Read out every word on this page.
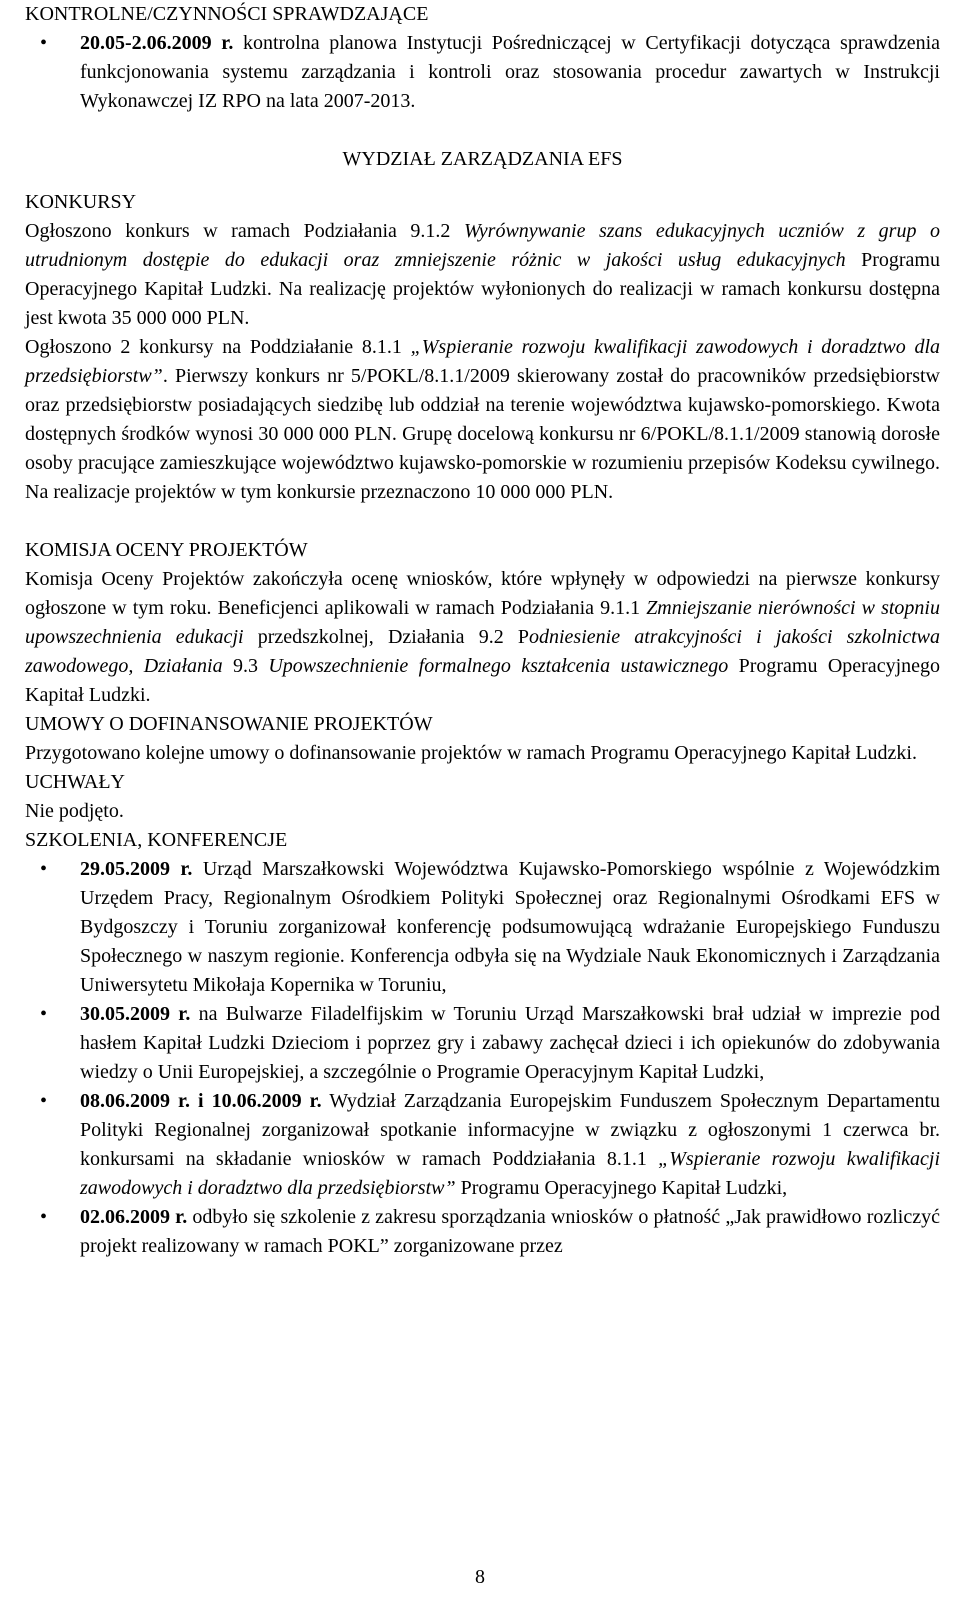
KONTROLNE/CZYNNOŚCI SPRAWDZAJĄCE

• 20.05-2.06.2009 r. kontrolna planowa Instytucji Pośredniczącej w Certyfikacji dotycząca sprawdzenia funkcjonowania systemu zarządzania i kontroli oraz stosowania procedur zawartych w Instrukcji Wykonawczej IZ RPO na lata 2007-2013.

WYDZIAŁ ZARZĄDZANIA EFS

KONKURSY

Ogłoszono konkurs w ramach Podziałania 9.1.2 Wyrównywanie szans edukacyjnych uczniów z grup o utrudnionym dostępie do edukacji oraz zmniejszenie różnic w jakości usług edukacyjnych Programu Operacyjnego Kapitał Ludzki. Na realizację projektów wyłonionych do realizacji w ramach konkursu dostępna jest kwota 35 000 000 PLN.

Ogłoszono 2 konkursy na Poddziałanie 8.1.1 „Wspieranie rozwoju kwalifikacji zawodowych i doradztwo dla przedsiębiorstw”. Pierwszy konkurs nr 5/POKL/8.1.1/2009 skierowany został do pracowników przedsiębiorstw oraz przedsiębiorstw posiadających siedzibę lub oddział na terenie województwa kujawsko-pomorskiego. Kwota dostępnych środków wynosi 30 000 000 PLN. Grupę docelową konkursu nr 6/POKL/8.1.1/2009 stanowią dorosłe osoby pracujące zamieszkujące województwo kujawsko-pomorskie w rozumieniu przepisów Kodeksu cywilnego. Na realizacje projektów w tym konkursie przeznaczono 10 000 000 PLN.

KOMISJA OCENY PROJEKTÓW

Komisja Oceny Projektów zakończyła ocenę wniosków, które wpłynęły w odpowiedzi na pierwsze konkursy ogłoszone w tym roku. Beneficjenci aplikowali w ramach Podziałania 9.1.1 Zmniejszanie nierówności w stopniu upowszechnienia edukacji przedszkolnej, Działania 9.2 Podniesienie atrakcyjności i jakości szkolnictwa zawodowego, Działania 9.3 Upowszechnienie formalnego kształcenia ustawicznego Programu Operacyjnego Kapitał Ludzki.

UMOWY O DOFINANSOWANIE PROJEKTÓW

Przygotowano kolejne umowy o dofinansowanie projektów w ramach Programu Operacyjnego Kapitał Ludzki.

UCHWAŁY

Nie podjęto.

SZKOLENIA, KONFERENCJE

• 29.05.2009 r. Urząd Marszałkowski Województwa Kujawsko-Pomorskiego wspólnie z Wojewódzkim Urzędem Pracy, Regionalnym Ośrodkiem Polityki Społecznej oraz Regionalnymi Ośrodkami EFS w Bydgoszczy i Toruniu zorganizował konferencję podsumowującą wdrażanie Europejskiego Funduszu Społecznego w naszym regionie. Konferencja odbyła się na Wydziale Nauk Ekonomicznych i Zarządzania Uniwersytetu Mikołaja Kopernika w Toruniu,
• 30.05.2009 r. na Bulwarze Filadelfijskim w Toruniu Urząd Marszałkowski brał udział w imprezie pod hasłem Kapitał Ludzki Dzieciom i poprzez gry i zabawy zachęcał dzieci i ich opiekunów do zdobywania wiedzy o Unii Europejskiej, a szczególnie o Programie Operacyjnym Kapitał Ludzki,
• 08.06.2009 r. i 10.06.2009 r. Wydział Zarządzania Europejskim Funduszem Społecznym Departamentu Polityki Regionalnej zorganizował spotkanie informacyjne w związku z ogłoszonymi 1 czerwca br. konkursami na składanie wniosków w ramach Poddziałania 8.1.1 „Wspieranie rozwoju kwalifikacji zawodowych i doradztwo dla przedsiębiorstw” Programu Operacyjnego Kapitał Ludzki,
• 02.06.2009 r. odbyło się szkolenie z zakresu sporządzania wniosków o płatność „Jak prawidłowo rozliczyć projekt realizowany w ramach POKL” zorganizowane przez
8
